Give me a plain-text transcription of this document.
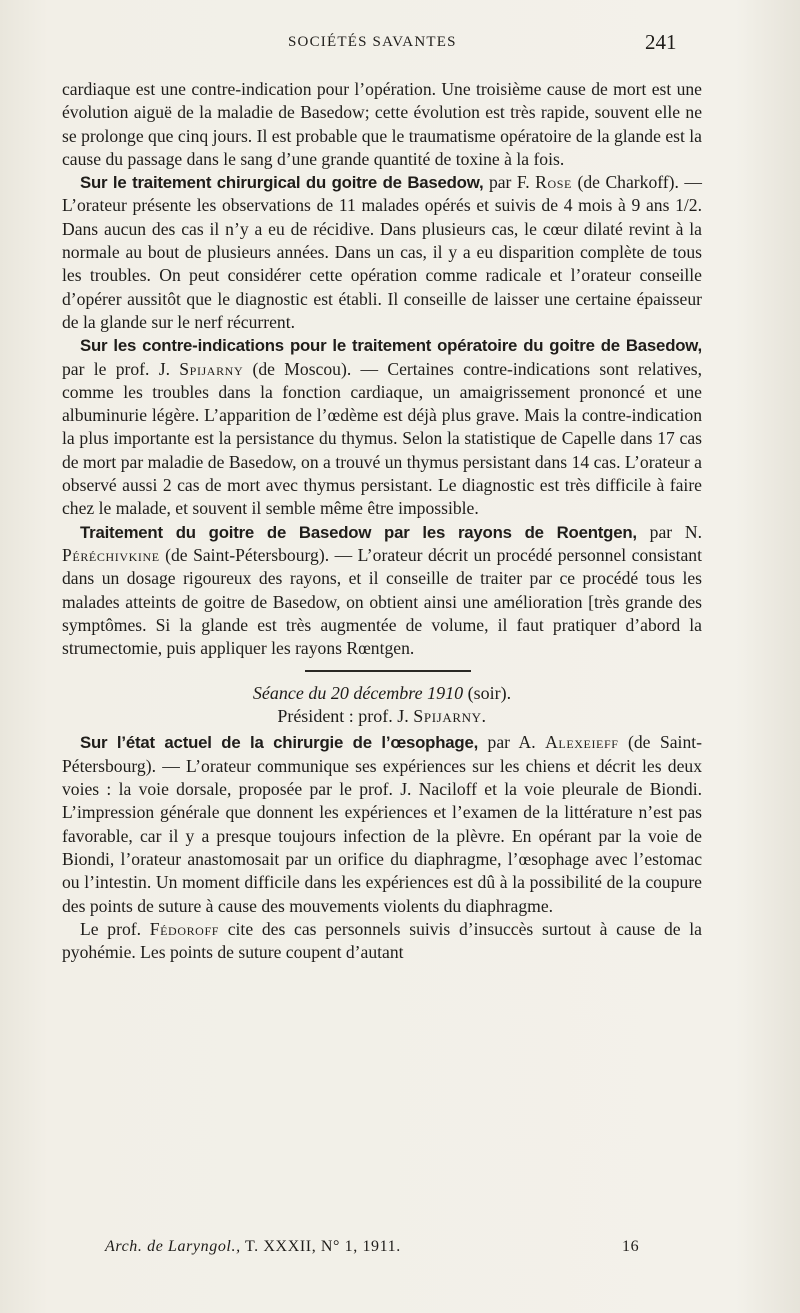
SOCIÉTÉS SAVANTES	241

cardiaque est une contre-indication pour l’opération. Une troisième cause de mort est une évolution aiguë de la maladie de Basedow; cette évolution est très rapide, souvent elle ne se prolonge que cinq jours. Il est probable que le traumatisme opératoire de la glande est la cause du passage dans le sang d’une grande quantité de toxine à la fois.

Sur le traitement chirurgical du goitre de Basedow, par F. Rose (de Charkoff). — L’orateur présente les observations de 11 malades opérés et suivis de 4 mois à 9 ans 1/2. Dans aucun des cas il n’y a eu de récidive. Dans plusieurs cas, le cœur dilaté revint à la normale au bout de plusieurs années. Dans un cas, il y a eu disparition complète de tous les troubles. On peut considérer cette opération comme radicale et l’orateur conseille d’opérer aussitôt que le diagnostic est établi. Il conseille de laisser une certaine épaisseur de la glande sur le nerf récurrent.

Sur les contre-indications pour le traitement opératoire du goitre de Basedow, par le prof. J. Spijarny (de Moscou). — Certaines contre-indications sont relatives, comme les troubles dans la fonction cardiaque, un amaigrissement prononcé et une albuminurie légère. L’apparition de l’œdème est déjà plus grave. Mais la contre-indication la plus importante est la persistance du thymus. Selon la statistique de Capelle dans 17 cas de mort par maladie de Basedow, on a trouvé un thymus persistant dans 14 cas. L’orateur a observé aussi 2 cas de mort avec thymus persistant. Le diagnostic est très difficile à faire chez le malade, et souvent il semble même être impossible.

Traitement du goitre de Basedow par les rayons de Roentgen, par N. Péréchivkine (de Saint-Pétersbourg). — L’orateur décrit un procédé personnel consistant dans un dosage rigoureux des rayons, et il conseille de traiter par ce procédé tous les malades atteints de goitre de Basedow, on obtient ainsi une amélioration [très grande des symptômes. Si la glande est très augmentée de volume, il faut pratiquer d’abord la strumectomie, puis appliquer les rayons Rœntgen.

Séance du 20 décembre 1910 (soir).
Président : prof. J. Spijarny.

Sur l’état actuel de la chirurgie de l’œsophage, par A. Alexeieff (de Saint-Pétersbourg). — L’orateur communique ses expériences sur les chiens et décrit les deux voies : la voie dorsale, proposée par le prof. J. Naciloff et la voie pleurale de Biondi. L’impression générale que donnent les expériences et l’examen de la littérature n’est pas favorable, car il y a presque toujours infection de la plèvre. En opérant par la voie de Biondi, l’orateur anastomosait par un orifice du diaphragme, l’œsophage avec l’estomac ou l’intestin. Un moment difficile dans les expériences est dû à la possibilité de la coupure des points de suture à cause des mouvements violents du diaphragme.

Le prof. Fédoroff cite des cas personnels suivis d’insuccès surtout à cause de la pyohémie. Les points de suture coupent d’autant

Arch. de Laryngol., T. XXXII, N° 1, 1911.	16
